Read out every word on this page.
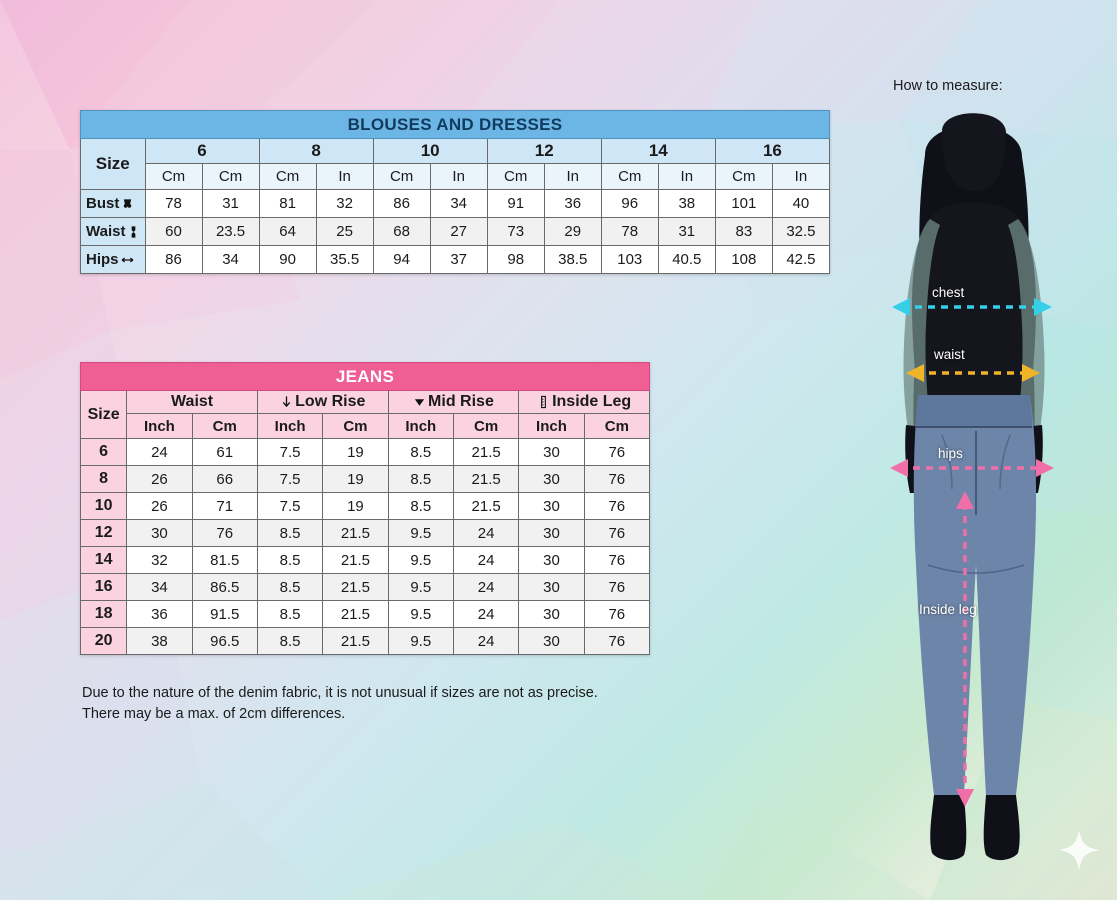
BLOUSES AND DRESSES												
Size	6		8		10		12		14		16	
	Cm	Cm	Cm	In	Cm	In	Cm	In	Cm	In	Cm	In

Bust	78	31	81	32	86	34	91	36	96	38	101	40

Waist	60	23.5	64	25	68	27	73	29	78	31	83	32.5

Hips	86	34	90	35.5	94	37	98	38.5	103	40.5	108	42.5
JEANS								
Size	Waist		Low Rise		Mid Rise		Inside Leg	

	Inch	Cm	Inch	Cm	Inch	Cm	Inch	Cm
6	24	61	7.5	19	8.5	21.5	30	76
8	26	66	7.5	19	8.5	21.5	30	76
10	26	71	7.5	19	8.5	21.5	30	76
12	30	76	8.5	21.5	9.5	24	30	76
14	32	81.5	8.5	21.5	9.5	24	30	76
16	34	86.5	8.5	21.5	9.5	24	30	76
18	36	91.5	8.5	21.5	9.5	24	30	76
20	38	96.5	8.5	21.5	9.5	24	30	76
Due to the nature of the denim fabric, it is not unusual if sizes are not as precise.
There may be a max. of 2cm differences.
How to measure:
chest
waist
hips
Inside leg
